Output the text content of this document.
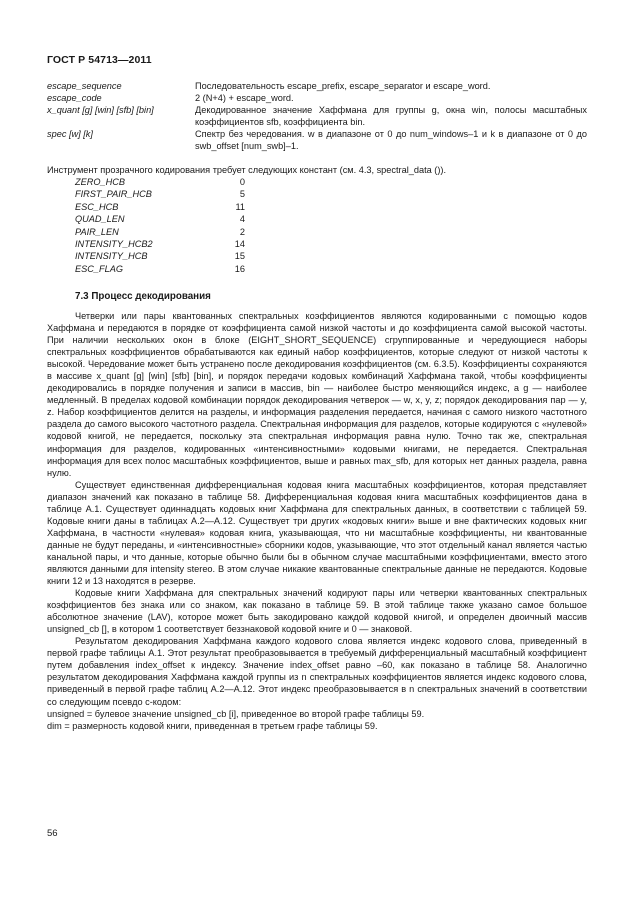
ГОСТ Р 54713—2011
escape_sequence	Последовательность escape_prefix, escape_separator и escape_word.
escape_code	2 (N+4) + escape_word.
x_quant [g] [win] [sfb] [bin]	Декодированное значение Хаффмана для группы g, окна win, полосы масштабных коэффициентов sfb, коэффициента bin.
spec [w] [k]	Спектр без чередования. w в диапазоне от 0 до num_windows–1 и k в диапазоне от 0 до swb_offset [num_swb]–1.
Инструмент прозрачного кодирования требует следующих констант (см. 4.3, spectral_data ()).
ZERO_HCB	0
FIRST_PAIR_HCB	5
ESC_HCB	11
QUAD_LEN	4
PAIR_LEN	2
INTENSITY_HCB2	14
INTENSITY_HCB	15
ESC_FLAG	16
7.3 Процесс декодирования

Четверки или пары квантованных спектральных коэффициентов являются кодированными с помощью кодов Хаффмана и передаются в порядке от коэффициента самой низкой частоты и до коэффициента самой высокой частоты. При наличии нескольких окон в блоке (EIGHT_SHORT_SEQUENCE) сгруппированные и чередующиеся наборы спектральных коэффициентов обрабатываются как единый набор коэффициентов, которые следуют от низкой частоты к высокой. Чередование может быть устранено после декодирования коэффициентов (см. 6.3.5). Коэффициенты сохраняются в массиве x_quant [g] [win] [sfb] [bin], и порядок передачи кодовых комбинаций Хаффмана такой, чтобы коэффициенты декодировались в порядке получения и записи в массив, bin — наиболее быстро меняющийся индекс, а g — наиболее медленный. В пределах кодовой комбинации порядок декодирования четверок — w, x, y, z; порядок декодирования пар — y, z. Набор коэффициентов делится на разделы, и информация разделения передается, начиная с самого низкого частотного раздела до самого высокого частотного раздела. Спектральная информация для разделов, которые кодируются с «нулевой» кодовой книгой, не передается, поскольку эта спектральная информация равна нулю. Точно так же, спектральная информация для разделов, кодированных «интенсивностными» кодовыми книгами, не передается. Спектральная информация для всех полос масштабных коэффициентов, выше и равных max_sfb, для которых нет данных раздела, равна нулю.

Существует единственная дифференциальная кодовая книга масштабных коэффициентов, которая представляет диапазон значений как показано в таблице 58. Дифференциальная кодовая книга масштабных коэффициентов дана в таблице А.1. Существует одиннадцать кодовых книг Хаффмана для спектральных данных, в соответствии с таблицей 59. Кодовые книги даны в таблицах А.2—А.12. Существует три других «кодовых книги» выше и вне фактических кодовых книг Хаффмана, в частности «нулевая» кодовая книга, указывающая, что ни масштабные коэффициенты, ни квантованные данные не будут переданы, и «интенсивностные» сборники кодов, указывающие, что этот отдельный канал является частью канальной пары, и что данные, которые обычно были бы в обычном случае масштабными коэффициентами, вместо этого являются данными для intensity stereo. В этом случае никакие квантованные спектральные данные не передаются. Кодовые книги 12 и 13 находятся в резерве.

Кодовые книги Хаффмана для спектральных значений кодируют пары или четверки квантованных спектральных коэффициентов без знака или со знаком, как показано в таблице 59. В этой таблице также указано самое большое абсолютное значение (LAV), которое может быть закодировано каждой кодовой книгой, и определен двоичный массив unsigned_cb [], в котором 1 соответствует беззнаковой кодовой книге и 0 — знаковой.

Результатом декодирования Хаффмана каждого кодового слова является индекс кодового слова, приведенный в первой графе таблицы А.1. Этот результат преобразовывается в требуемый дифференциальный масштабный коэффициент путем добавления index_offset к индексу. Значение index_offset равно –60, как показано в таблице 58. Аналогично результатом декодирования Хаффмана каждой группы из n спектральных коэффициентов является индекс кодового слова, приведенный в первой графе таблиц А.2—А.12. Этот индекс преобразовывается в n спектральных значений в соответствии со следующим псевдо с-кодом:

unsigned = булевое значение unsigned_cb [i], приведенное во второй графе таблицы 59.

dim = размерность кодовой книги, приведенная в третьем графе таблицы 59.

56
